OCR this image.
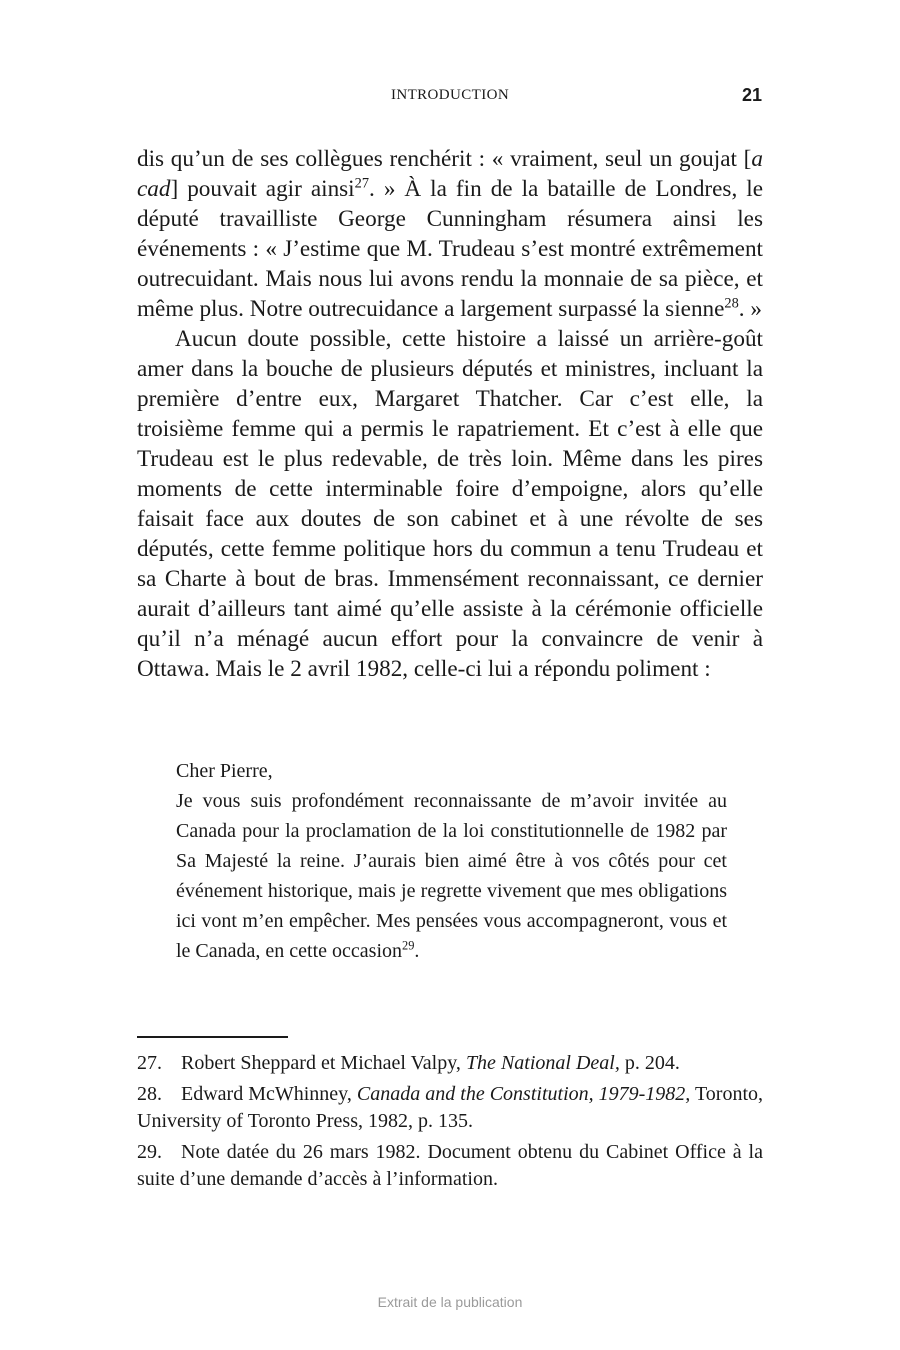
INTRODUCTION	21

dis qu’un de ses collègues renchérit : « vraiment, seul un goujat [a cad] pouvait agir ainsi$^{27}$. » À la fin de la bataille de Londres, le député travailliste George Cunningham résumera ainsi les événements : « J’estime que M. Trudeau s’est montré extrêmement outrecuidant. Mais nous lui avons rendu la monnaie de sa pièce, et même plus. Notre outrecuidance a largement surpassé la sienne$^{28}$. »

Aucun doute possible, cette histoire a laissé un arrière-goût amer dans la bouche de plusieurs députés et ministres, incluant la première d’entre eux, Margaret Thatcher. Car c’est elle, la troisième femme qui a permis le rapatriement. Et c’est à elle que Trudeau est le plus redevable, de très loin. Même dans les pires moments de cette interminable foire d’empoigne, alors qu’elle faisait face aux doutes de son cabinet et à une révolte de ses députés, cette femme politique hors du commun a tenu Trudeau et sa Charte à bout de bras. Immensément reconnaissant, ce dernier aurait d’ailleurs tant aimé qu’elle assiste à la cérémonie officielle qu’il n’a ménagé aucun effort pour la convaincre de venir à Ottawa. Mais le 2 avril 1982, celle-ci lui a répondu poliment :

Cher Pierre,

Je vous suis profondément reconnaissante de m’avoir invitée au Canada pour la proclamation de la loi constitutionnelle de 1982 par Sa Majesté la reine. J’aurais bien aimé être à vos côtés pour cet événement historique, mais je regrette vivement que mes obligations ici vont m’en empêcher. Mes pensées vous accompagneront, vous et le Canada, en cette occasion$^{29}$.

27. Robert Sheppard et Michael Valpy, The National Deal, p. 204.

28. Edward McWhinney, Canada and the Constitution, 1979-1982, Toronto, University of Toronto Press, 1982, p. 135.

29. Note datée du 26 mars 1982. Document obtenu du Cabinet Office à la suite d’une demande d’accès à l’information.

Extrait de la publication
